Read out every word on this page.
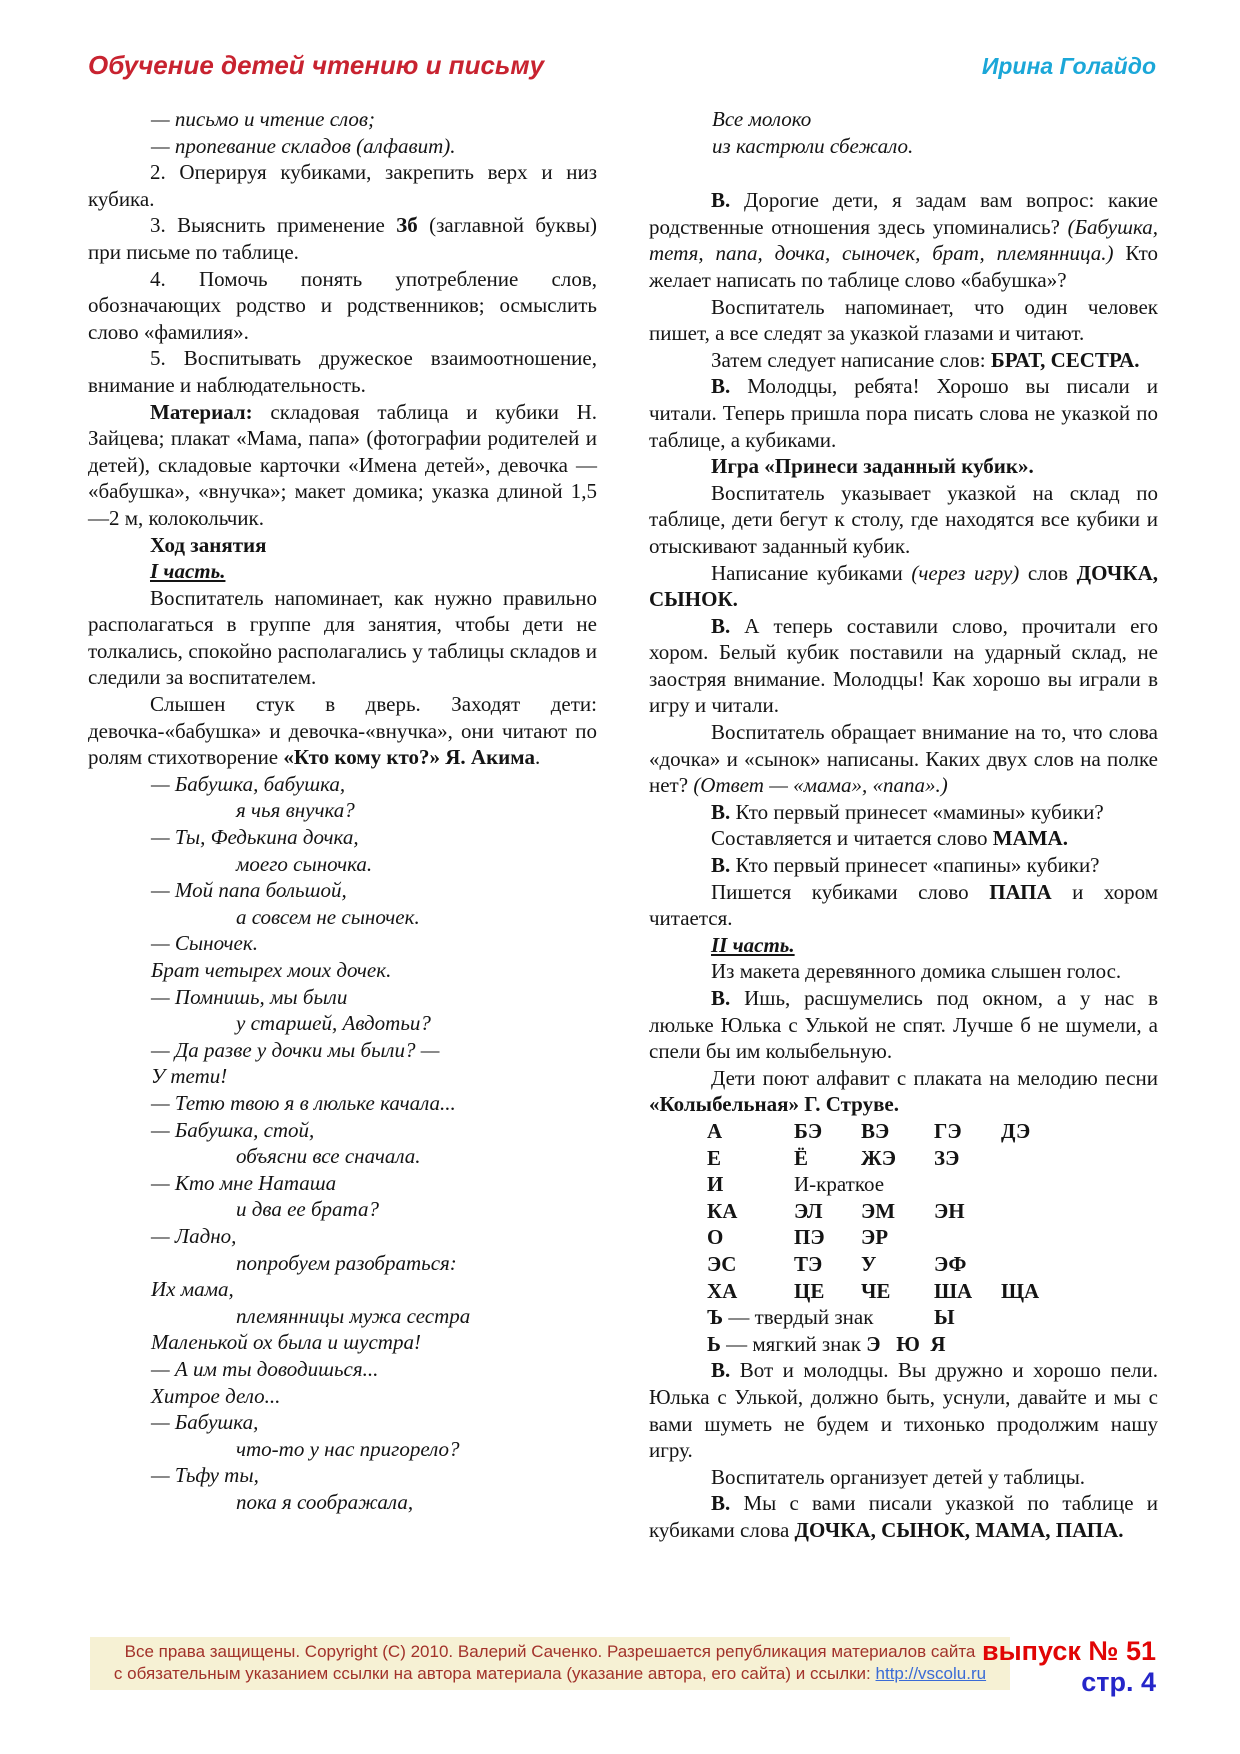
Обучение детей чтению и письму	Ирина Голайдо

— письмо и чтение слов;

— пропевание складов (алфавит).

2. Оперируя кубиками, закрепить верх и низ кубика.

3. Выяснить применение Зб (заглавной буквы) при письме по таблице.

4. Помочь понять употребление слов, обозначающих родство и родственников; осмыслить слово «фамилия».

5. Воспитывать дружеское взаимоотношение, внимание и наблюдательность.

Материал: складовая таблица и кубики Н. Зайцева; плакат «Мама, папа» (фотографии родителей и детей), складовые карточки «Имена детей», девочка — «бабушка», «внучка»; макет домика; указка длиной 1,5—2 м, колокольчик.

Ход занятия

I часть.

Воспитатель напоминает, как нужно правильно располагаться в группе для занятия, чтобы дети не толкались, спокойно располагались у таблицы складов и следили за воспитателем.

Слышен стук в дверь. Заходят дети: девочка-«бабушка» и девочка-«внучка», они читают по ролям стихотворение «Кто кому кто?» Я. Акима.

— Бабушка, бабушка,

я чья внучка?

— Ты, Федькина дочка,

моего сыночка.

— Мой папа большой,

а совсем не сыночек.

— Сыночек.

Брат четырех моих дочек.

— Помнишь, мы были

у старшей, Авдотьи?

— Да разве у дочки мы были? —

У тети!

— Тетю твою я в люльке качала...

— Бабушка, стой,

объясни все сначала.

— Кто мне Наташа

и два ее брата?

— Ладно,

попробуем разобраться:

Их мама,

племянницы мужа сестра

Маленькой ох была и шустра!

— А им ты доводишься...

Хитрое дело...

— Бабушка,

что-то у нас пригорело?

— Тьфу ты,

пока я соображала,

Все молоко

из кастрюли сбежало.

В. Дорогие дети, я задам вам вопрос: какие родственные отношения здесь упоминались? (Бабушка, тетя, папа, дочка, сыночек, брат, племянница.) Кто желает написать по таблице слово «бабушка»?

Воспитатель напоминает, что один человек пишет, а все следят за указкой глазами и читают.

Затем следует написание слов: БРАТ, СЕСТРА.

В. Молодцы, ребята! Хорошо вы писали и читали. Теперь пришла пора писать слова не указкой по таблице, а кубиками.

Игра «Принеси заданный кубик».

Воспитатель указывает указкой на склад по таблице, дети бегут к столу, где находятся все кубики и отыскивают заданный кубик.

Написание кубиками (через игру) слов ДОЧКА, СЫНОК.

В. А теперь составили слово, прочитали его хором. Белый кубик поставили на ударный склад, не заостряя внимание. Молодцы! Как хорошо вы играли в игру и читали.

Воспитатель обращает внимание на то, что слова «дочка» и «сынок» написаны. Каких двух слов на полке нет? (Ответ — «мама», «папа».)

В. Кто первый принесет «мамины» кубики?

Составляется и читается слово МАМА.

В. Кто первый принесет «папины» кубики?

Пишется кубиками слово ПАПА и хором читается.

II часть.

Из макета деревянного домика слышен голос.

В. Ишь, расшумелись под окном, а у нас в люльке Юлька с Улькой не спят. Лучше б не шумели, а спели бы им колыбельную.

Дети поют алфавит с плаката на мелодию песни «Колыбельная» Г. Струве.

А	БЭ	ВЭ	ГЭ	ДЭ
Е	Ё	ЖЭ	ЗЭ
И	И-краткое
КА	ЭЛ	ЭМ	ЭН
О	ПЭ	ЭР
ЭС	ТЭ	У	ЭФ
ХА	ЦЕ	ЧЕ	ША	ЩА
Ъ — твердый знак	Ы
Ь — мягкий знак Э   Ю  Я

В. Вот и молодцы. Вы дружно и хорошо пели. Юлька с Улькой, должно быть, уснули, давайте и мы с вами шуметь не будем и тихонько продолжим нашу игру.

Воспитатель организует детей у таблицы.

В. Мы с вами писали указкой по таблице и кубиками слова ДОЧКА, СЫНОК, МАМА, ПАПА.

Все права защищены. Copyright (C) 2010. Валерий Саченко. Разрешается републикация материалов сайта
с обязательным указанием ссылки на автора материала (указание автора, его сайта) и ссылки: http://vscolu.ru
выпуск № 51
стр. 4
